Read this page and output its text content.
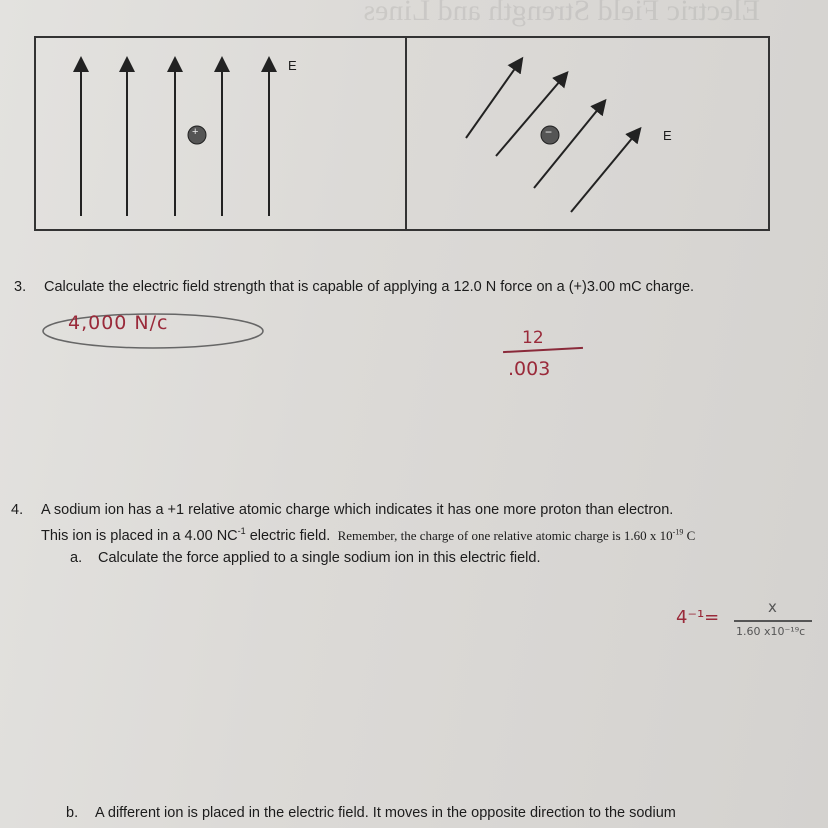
Electric Field Strength and Lines
E
+	E
−
3. Calculate the electric field strength that is capable of applying a 12.0 N force on a (+)3.00 mC charge.
4,000 N/c
12
.003
4. A sodium ion has a +1 relative atomic charge which indicates it has one more proton than electron.
This ion is placed in a 4.00 $NC^{-1}$ electric field. Remember, the charge of one relative atomic charge is 1.60 x $10^{-19}$ C
a. Calculate the force applied to a single sodium ion in this electric field.
4⁻¹=	x
1.60 x10⁻¹⁹c
b. A different ion is placed in the electric field. It moves in the opposite direction to the sodium
